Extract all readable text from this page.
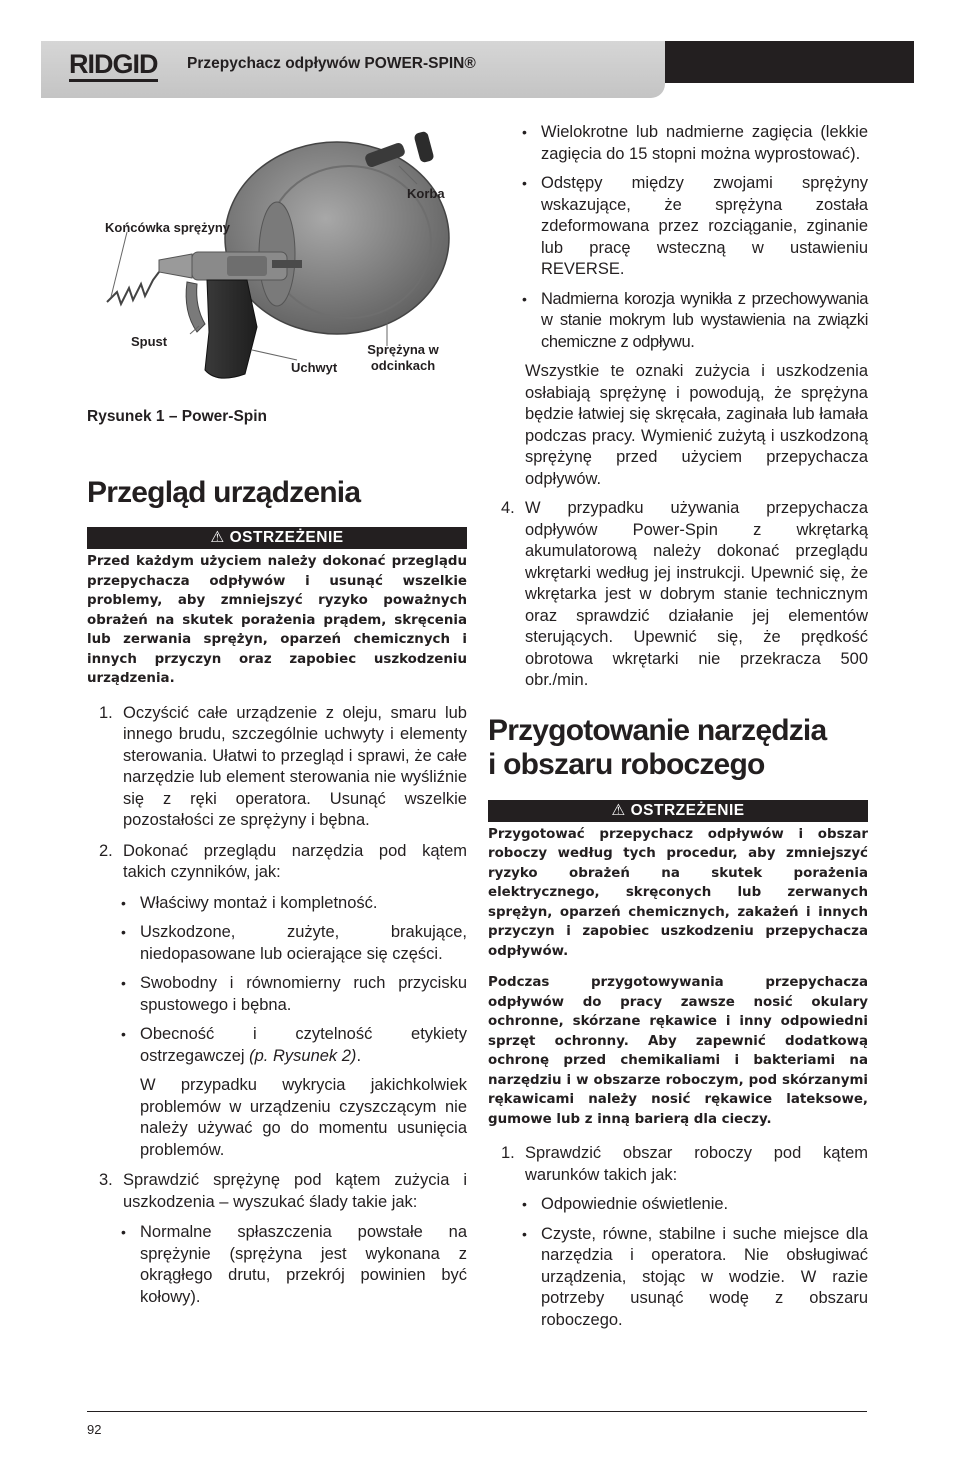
RIDGID Przepychacz odpływów POWER-SPIN®
Końcówka sprężyny
Korba
Spust
Uchwyt
Sprężyna w
odcinkach
Rysunek 1 – Power-Spin
Przegląd urządzenia
⚠ OSTRZEŻENIE

Przed każdym użyciem należy dokonać przeglądu przepychacza odpływów i usunąć wszelkie problemy, aby zmniejszyć ryzyko poważnych obrażeń na skutek porażenia prądem, skręcenia lub zerwania sprężyn, oparzeń chemicznych i innych przyczyn oraz zapobiec uszkodzeniu urządzenia.

1. Oczyścić całe urządzenie z oleju, smaru lub innego brudu, szczególnie uchwyty i elementy sterowania. Ułatwi to przegląd i sprawi, że całe narzędzie lub element sterowania nie wyśliźnie się z ręki operatora. Usunąć wszelkie pozostałości ze sprężyny i bębna.
2. Dokonać przeglądu narzędzia pod kątem takich czynników, jak:
• Właściwy montaż i kompletność.
• Uszkodzone, zużyte, brakujące, niedopasowane lub ocierające się części.
• Swobodny i równomierny ruch przycisku spustowego i bębna.
• Obecność i czytelność etykiety ostrzegawczej (p. Rysunek 2).
W przypadku wykrycia jakichkolwiek problemów w urządzeniu czyszczącym nie należy używać go do momentu usunięcia problemów.
3. Sprawdzić sprężynę pod kątem zużycia i uszkodzenia – wyszukać ślady takie jak:
• Normalne spłaszczenia powstałe na sprężynie (sprężyna jest wykonana z okrągłego drutu, przekrój powinien być kołowy).
• Wielokrotne lub nadmierne zagięcia (lekkie zagięcia do 15 stopni można wyprostować).
• Odstępy między zwojami sprężyny wskazujące, że sprężyna została zdeformowana przez rozciąganie, zginanie lub pracę wsteczną w ustawieniu REVERSE.
• Nadmierna korozja wynikła z przechowywania w stanie mokrym lub wystawienia na związki chemiczne z odpływu.
Wszystkie te oznaki zużycia i uszkodzenia osłabiają sprężynę i powodują, że sprężyna będzie łatwiej się skręcała, zaginała lub łamała podczas pracy. Wymienić zużytą i uszkodzoną sprężynę przed użyciem przepychacza odpływów.
4. W przypadku używania przepychacza odpływów Power-Spin z wkrętarką akumulatorową należy dokonać przeglądu wkrętarki według jej instrukcji. Upewnić się, że wkrętarka jest w dobrym stanie technicznym oraz sprawdzić działanie jej elementów sterujących. Upewnić się, że prędkość obrotowa wkrętarki nie przekracza 500 obr./min.
Przygotowanie narzędzia
i obszaru roboczego
⚠ OSTRZEŻENIE

Przygotować przepychacz odpływów i obszar roboczy według tych procedur, aby zmniejszyć ryzyko obrażeń na skutek porażenia elektrycznego, skręconych lub zerwanych sprężyn, oparzeń chemicznych, zakażeń i innych przyczyn i zapobiec uszkodzeniu przepychacza odpływów.

Podczas przygotowywania przepychacza odpływów do pracy zawsze nosić okulary ochronne, skórzane rękawice i inny odpowiedni sprzęt ochronny. Aby zapewnić dodatkową ochronę przed chemikaliami i bakteriami na narzędziu i w obszarze roboczym, pod skórzanymi rękawicami należy nosić rękawice lateksowe, gumowe lub z inną barierą dla cieczy.

1. Sprawdzić obszar roboczy pod kątem warunków takich jak:
• Odpowiednie oświetlenie.
• Czyste, równe, stabilne i suche miejsce dla narzędzia i operatora. Nie obsługiwać urządzenia, stojąc w wodzie. W razie potrzeby usunąć wodę z obszaru roboczego.
92
